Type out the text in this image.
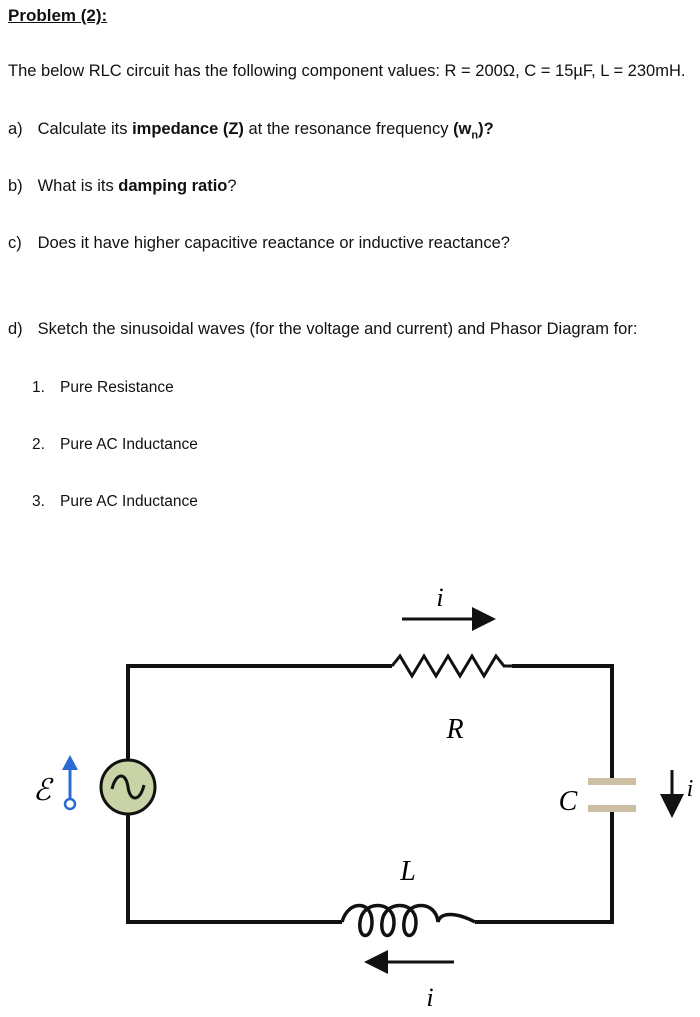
Problem (2):
The below RLC circuit has the following component values: R = 200Ω, C = 15µF, L = 230mH.
a) Calculate its impedance (Z) at the resonance frequency $(w_n)$?
b) What is its damping ratio?
c) Does it have higher capacitive reactance or inductive reactance?
d) Sketch the sinusoidal waves (for the voltage and current) and Phasor Diagram for:
1. Pure Resistance
2. Pure AC Inductance
3. Pure AC Inductance
i
R
ℰ	C	i
L
i
